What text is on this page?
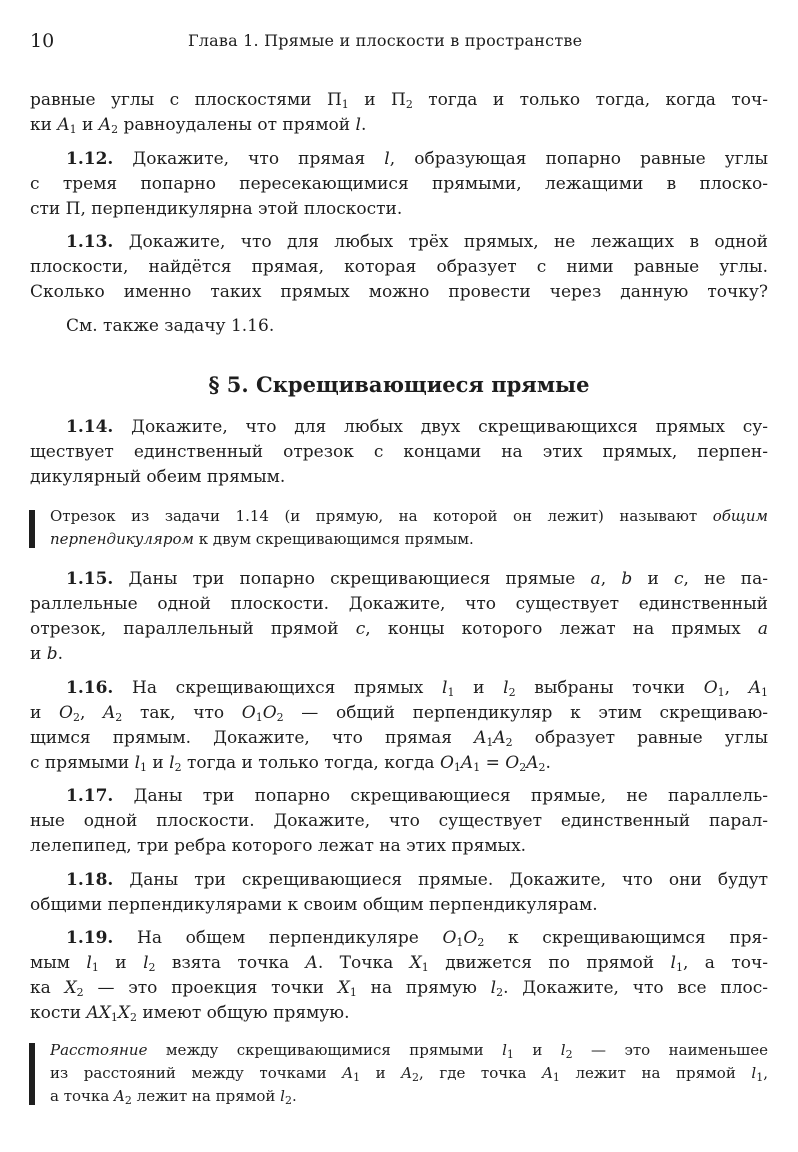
10	Глава 1. Прямые и плоскости в пространстве
равные углы с плоскостями $\Pi_1$ и $\Pi_2$ тогда и только тогда, когда точ-
ки $A_1$ и $A_2$ равноудалены от прямой l.
1.12. Докажите, что прямая l, образующая попарно равные углы
с тремя попарно пересекающимися прямыми, лежащими в плоско-
сти Π, перпендикулярна этой плоскости.
1.13. Докажите, что для любых трёх прямых, не лежащих в одной
плоскости, найдётся прямая, которая образует с ними равные углы.
Сколько именно таких прямых можно провести через данную точку?
См. также задачу 1.16.
§ 5. Скрещивающиеся прямые
1.14. Докажите, что для любых двух скрещивающихся прямых су-
ществует единственный отрезок с концами на этих прямых, перпен-
дикулярный обеим прямым.
Отрезок из задачи 1.14 (и прямую, на которой он лежит) называют общим
перпендикуляром к двум скрещивающимся прямым.
1.15. Даны три попарно скрещивающиеся прямые a, b и c, не па-
раллельные одной плоскости. Докажите, что существует единственный
отрезок, параллельный прямой c, концы которого лежат на прямых a
и b.
1.16. На скрещивающихся прямых $l_1$ и $l_2$ выбраны точки $O_1$, $A_1$
и $O_2$, $A_2$ так, что $O_1O_2$ — общий перпендикуляр к этим скрещиваю-
щимся прямым. Докажите, что прямая $A_1A_2$ образует равные углы
с прямыми $l_1$ и $l_2$ тогда и только тогда, когда $O_1A_1 = O_2A_2$.
1.17. Даны три попарно скрещивающиеся прямые, не параллель-
ные одной плоскости. Докажите, что существует единственный парал-
лелепипед, три ребра которого лежат на этих прямых.
1.18. Даны три скрещивающиеся прямые. Докажите, что они будут
общими перпендикулярами к своим общим перпендикулярам.
1.19. На общем перпендикуляре $O_1O_2$ к скрещивающимся пря-
мым $l_1$ и $l_2$ взята точка A. Точка $X_1$ движется по прямой $l_1$, а точ-
ка $X_2$ — это проекция точки $X_1$ на прямую $l_2$. Докажите, что все плос-
кости $AX_1X_2$ имеют общую прямую.
Расстояние между скрещивающимися прямыми $l_1$ и $l_2$ — это наименьшее
из расстояний между точками $A_1$ и $A_2$, где точка $A_1$ лежит на прямой $l_1$,
а точка $A_2$ лежит на прямой $l_2$.
